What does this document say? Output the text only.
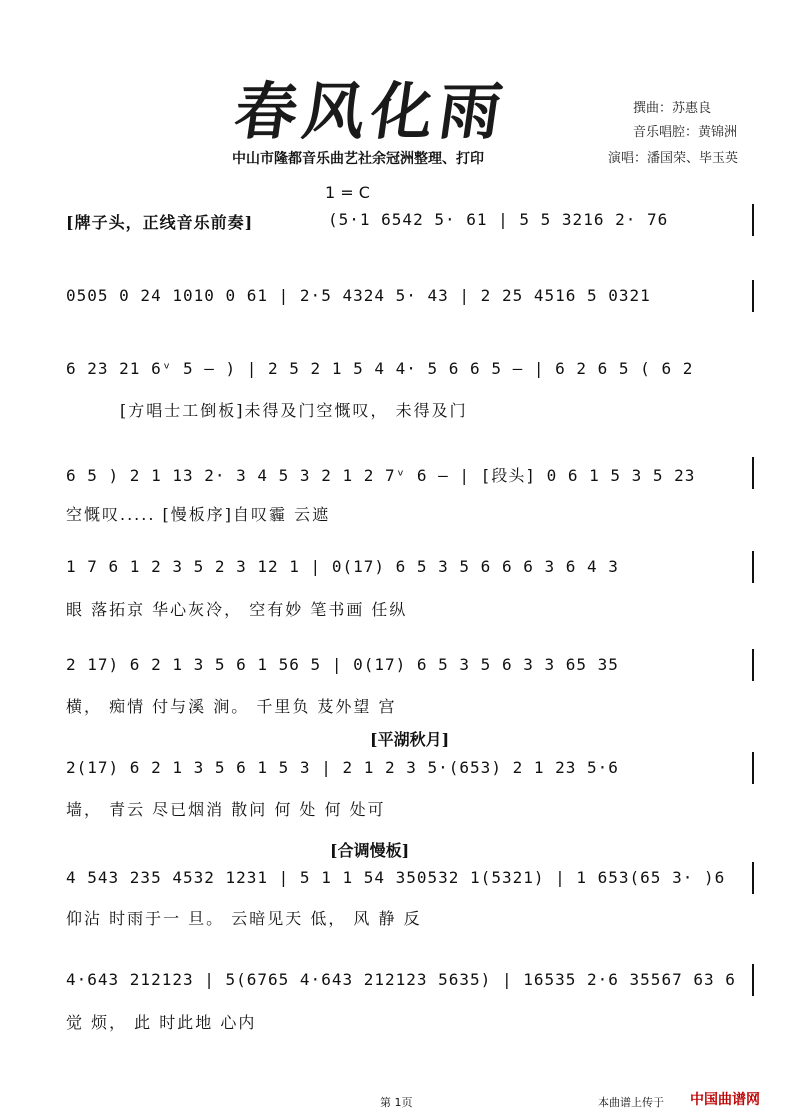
春风化雨	撰曲：苏惠良
音乐唱腔：黄锦洲
演唱：潘国荣、毕玉英
中山市隆都音乐曲艺社余冠洲整理、打印
1 = C
[牌子头，正线音乐前奏]	(5·1 6542 5· 61 | 5 5 3216 2· 76
0505 0 24 1010 0 61 | 2·5 4324 5· 43 | 2 25 4516 5 0321
6 23 21 6ᵛ 5 – ) | 2 5 2 1 5 4 4· 5 6 6 5 – | 6 2 6 5 ( 6 2
[方唱士工倒板]未得及门空慨叹， 未得及门
6 5 ) 2 1 13 2· 3 4 5 3 2 1 2 7ᵛ 6 – | [段头] 0 6 1 5 3 5 23
空慨叹..... [慢板序]自叹霾 云遮
1 7 6 1 2 3 5 2 3 12 1 | 0(17) 6 5 3 5 6 6 6 3 6 4 3
眼 落拓京 华心灰冷， 空有妙 笔书画 任纵
2 17) 6 2 1 3 5 6 1 56 5 | 0(17) 6 5 3 5 6 3 3 65 35
横， 痴情 付与溪 涧。 千里负 芨外望 宫
[平湖秋月]
2(17) 6 2 1 3 5 6 1 5 3 | 2 1 2 3 5·(653) 2 1 23 5·6
墙， 青云 尽已烟消 散问 何 处 何 处可
[合调慢板]
4 543 235 4532 1231 | 5 1 1 54 350532 1(5321) | 1 653(65 3· )6
仰沾 时雨于一 旦。 云暗见天 低， 风 静 反
4·643 212123 | 5(6765 4·643 212123 5635) | 16535 2·6 35567 63 6
觉 烦， 此 时此地 心内
第 1页	本曲谱上传于 中国曲谱网
